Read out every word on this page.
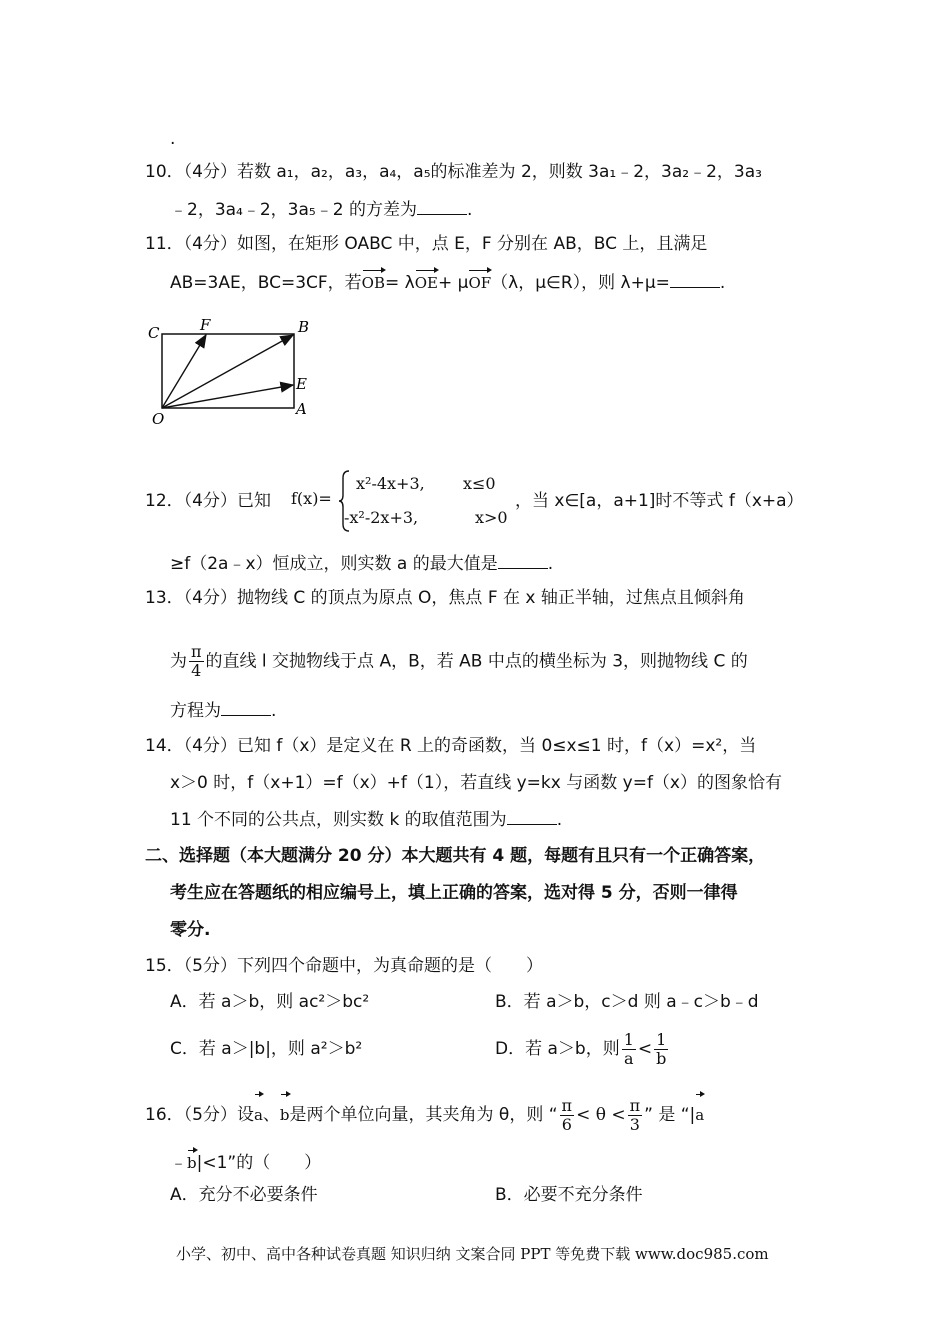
.
10．（4分）若数 a₁，a₂，a₃，a₄，a₅的标准差为 2，则数 3a₁﹣2，3a₂﹣2，3a₃
﹣2，3a₄﹣2，3a₅﹣2 的方差为	.
11．（4分）如图，在矩形 OABC 中，点 E，F 分别在 AB，BC 上，且满足
AB=3AE，BC=3CF，若OB= λOE+ μOF（λ，μ∈R），则 λ+μ=	.
C	F	B
E
O
A
12．（4分）已知 f(x)=
x²-4x+3, x≤0
-x²-2x+3,	x>0
，当 x∈[a，a+1]时不等式 f（x+a）
≥f（2a﹣x）恒成立，则实数 a 的最大值是	.
13．（4分）抛物线 C 的顶点为原点 O，焦点 F 在 x 轴正半轴，过焦点且倾斜角
为 $\frac{\pi}{4}$ 的直线 l 交抛物线于点 A，B，若 AB 中点的横坐标为 3，则抛物线 C 的
方程为	.
14．（4分）已知 f（x）是定义在 R 上的奇函数，当 0≤x≤1 时，f（x）=x²，当
x＞0 时，f（x+1）=f（x）+f（1），若直线 y=kx 与函数 y=f（x）的图象恰有
11 个不同的公共点，则实数 k 的取值范围为	.
二、选择题（本大题满分 20 分）本大题共有 4 题，每题有且只有一个正确答案，
考生应在答题纸的相应编号上，填上正确的答案，选对得 5 分，否则一律得
零分.
15．（5分）下列四个命题中，为真命题的是（　　）
A．若 a＞b，则 ac²＞bc²	B．若 a＞b，c＞d 则 a﹣c＞b﹣d
C．若 a＞|b|，则 a²＞b²	D．若 a＞b，则 $\frac{1}{a} < \frac{1}{b}$
16．（5分）设a、b是两个单位向量，其夹角为 θ，则 “ $\frac{\pi}{6} < \theta < \frac{\pi}{3}$ ” 是 “|a
﹣b|<1”的（　　）
A．充分不必要条件	B．必要不充分条件
小学、初中、高中各种试卷真题 知识归纳 文案合同 PPT 等免费下载 www.doc985.com
